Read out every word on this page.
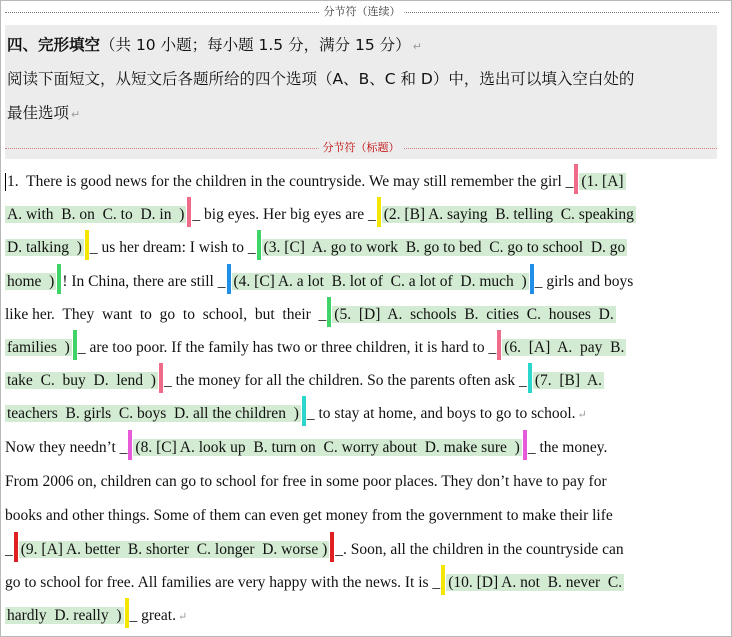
分节符（连续）
四、完形填空（共 10 小题；每小题 1.5 分，满分 15 分） ↵
阅读下面短文，从短文后各题所给的四个选项（A、B、C 和 D）中，选出可以填入空白处的
最佳选项 ↵
分节符（标题）
1.  There is good news for the children in the countryside. We may still remember the girl _ (1. [A]
A. with  B. on  C. to  D. in  ) _ big eyes. Her big eyes are _ (2. [B] A. saying  B. telling  C. speaking
D. talking  ) _ us her dream: I wish to _ (3. [C]  A. go to work  B. go to bed  C. go to school  D. go
home  ) ! In China, there are still _ (4. [C] A. a lot  B. lot of  C. a lot of  D. much  ) _ girls and boys
like her.  They  want  to  go  to  school,  but  their  _ (5.  [D]  A.  schools  B.  cities  C.  houses  D.
families  ) _ are too poor. If the family has two or three children, it is hard to _ (6.  [A]  A.  pay  B.
take  C.  buy  D.  lend  ) _ the money for all the children. So the parents often ask _ (7.  [B]  A.
teachers  B. girls  C. boys  D. all the children  ) _ to stay at home, and boys to go to school. ↵
Now they needn’t _ (8. [C] A. look up  B. turn on  C. worry about  D. make sure  ) _ the money.
From 2006 on, children can go to school for free in some poor places. They don’t have to pay for
books and other things. Some of them can even get money from the government to make their life
_ (9. [A] A. better  B. shorter  C. longer  D. worse ) _. Soon, all the children in the countryside can
go to school for free. All families are very happy with the news. It is _ (10. [D] A. not  B. never  C.
hardly  D. really  ) _ great. ↵
